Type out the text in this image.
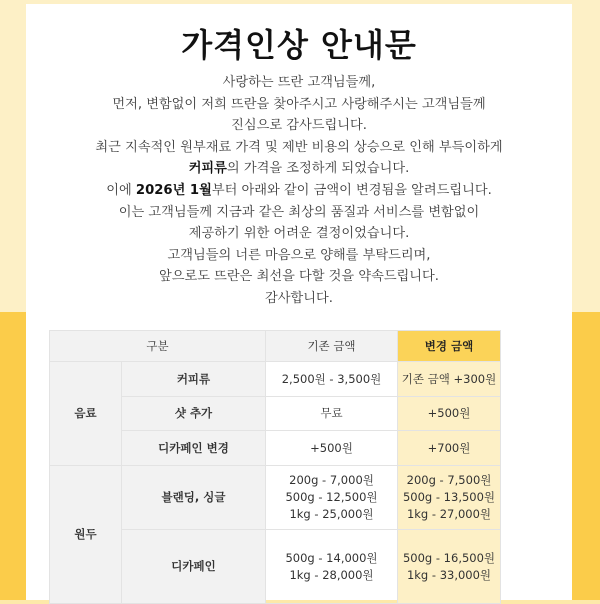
가격인상 안내문

사랑하는 뜨란 고객님들께,

먼저, 변함없이 저희 뜨란을 찾아주시고 사랑해주시는 고객님들께

진심으로 감사드립니다.

최근 지속적인 원부재료 가격 및 제반 비용의 상승으로 인해 부득이하게

커피류의 가격을 조정하게 되었습니다.

이에 2026년 1월부터 아래와 같이 금액이 변경됨을 알려드립니다.

이는 고객님들께 지금과 같은 최상의 품질과 서비스를 변함없이

제공하기 위한 어려운 결정이었습니다.

고객님들의 너른 마음으로 양해를 부탁드리며,

앞으로도 뜨란은 최선을 다할 것을 약속드립니다.

감사합니다.

구분		기존 금액	변경 금액
음료	커피류	2,500원 - 3,500원	기존 금액 +300원
	샷 추가	무료	+500원
	디카페인 변경	+500원	+700원
원두	블랜딩, 싱글	200g - 7,000원
500g - 12,500원
1kg - 25,000원	200g - 7,500원
500g - 13,500원
1kg - 27,000원

	디카페인	500g - 14,000원
1kg - 28,000원	500g - 16,500원
1kg - 33,000원
